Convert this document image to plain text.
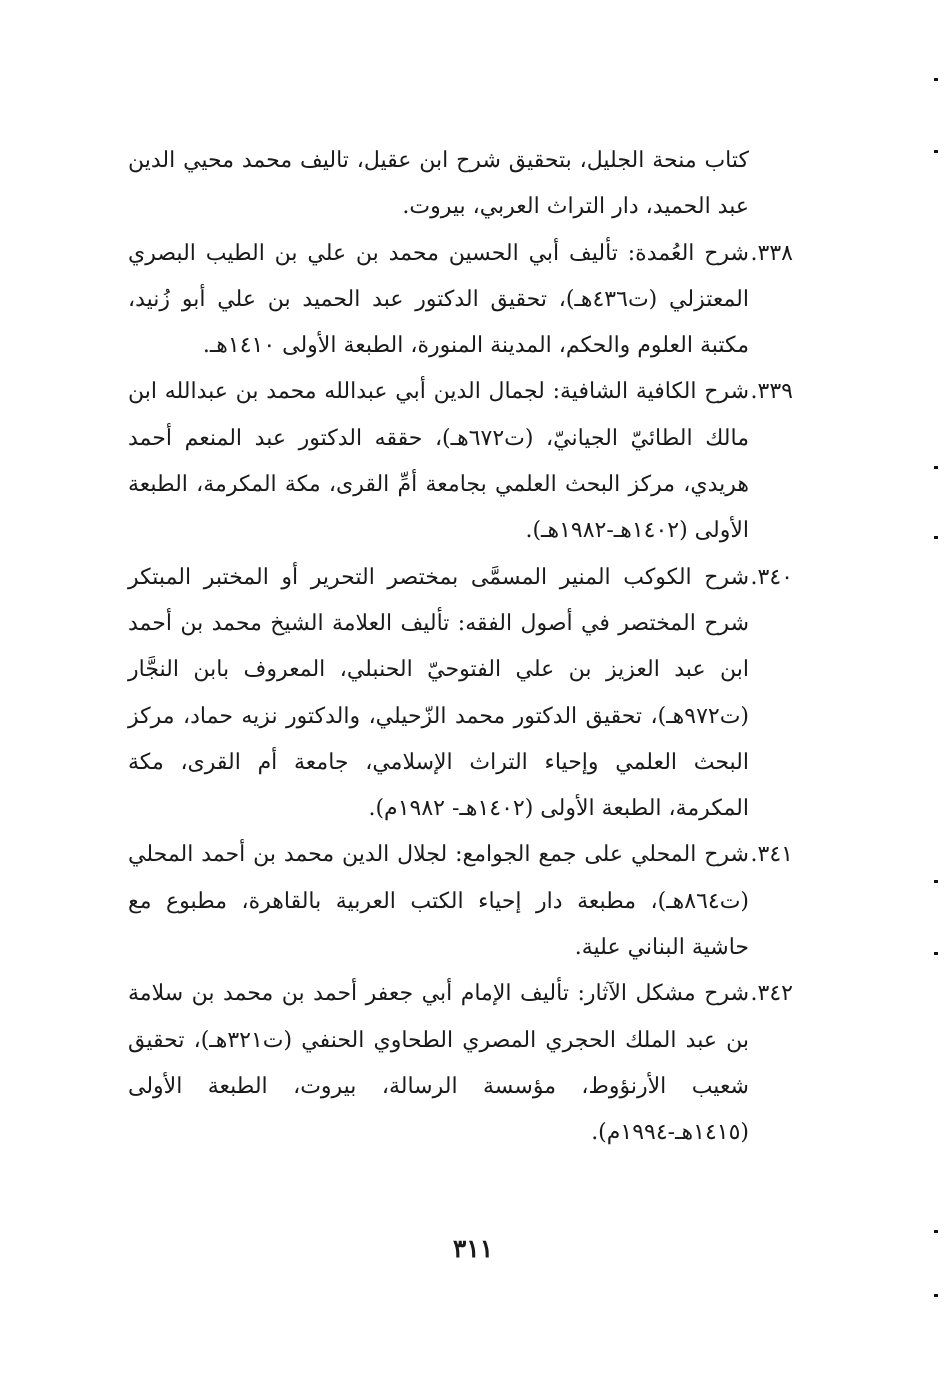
كتاب منحة الجليل، بتحقيق شرح ابن عقيل، تاليف محمد محيي الدين عبد الحميد، دار التراث العربي، بيروت.

٣٣٨.شرح العُمدة: تأليف أبي الحسين محمد بن علي بن الطيب البصري المعتزلي (ت٤٣٦هـ)، تحقيق الدكتور عبد الحميد بن علي أبو زُنيد، مكتبة العلوم والحكم، المدينة المنورة، الطبعة الأولى ١٤١٠هـ.

٣٣٩.شرح الكافية الشافية: لجمال الدين أبي عبدالله محمد بن عبدالله ابن مالك الطائيّ الجيانيّ، (ت٦٧٢هـ)، حققه الدكتور عبد المنعم أحمد هريدي، مركز البحث العلمي بجامعة أمِّ القرى، مكة المكرمة، الطبعة الأولى (١٤٠٢هـ-١٩٨٢هـ).

٣٤٠.شرح الكوكب المنير المسمَّى بمختصر التحرير أو المختبر المبتكر شرح المختصر في أصول الفقه: تأليف العلامة الشيخ محمد بن أحمد ابن عبد العزيز بن علي الفتوحيّ الحنبلي، المعروف بابن النجَّار (ت٩٧٢هـ)، تحقيق الدكتور محمد الزّحيلي، والدكتور نزيه حماد، مركز البحث العلمي وإحياء التراث الإسلامي، جامعة أم القرى، مكة المكرمة، الطبعة الأولى (١٤٠٢هـ- ١٩٨٢م).

٣٤١.شرح المحلي على جمع الجوامع: لجلال الدين محمد بن أحمد المحلي (ت٨٦٤هـ)، مطبعة دار إحياء الكتب العربية بالقاهرة، مطبوع مع حاشية البناني علية.

٣٤٢.شرح مشكل الآثار: تأليف الإمام أبي جعفر أحمد بن محمد بن سلامة بن عبد الملك الحجري المصري الطحاوي الحنفي (ت٣٢١هـ)، تحقيق شعيب الأرنؤوط، مؤسسة الرسالة، بيروت، الطبعة الأولى (١٤١٥هـ-١٩٩٤م).

٣١١
